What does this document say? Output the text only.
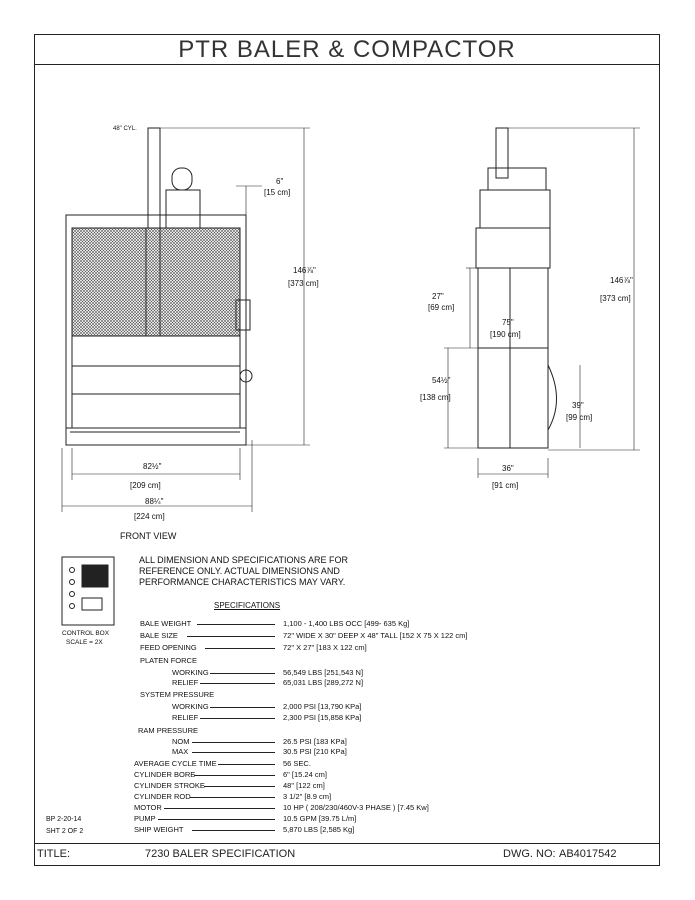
PTR BALER & COMPACTOR
TITLE:	7230 BALER SPECIFICATION	DWG. NO: AB4017542
48" CYL.
6"
[15 cm]
146⅞"
[373 cm]
82½"
[209 cm]
88¼"
[224 cm]
FRONT VIEW
27"
[69 cm]
75"
[190 cm]
54½"
[138 cm]
39"
[99 cm]
146⅞"
[373 cm]
36"
[91 cm]
CONTROL BOX
SCALE = 2X
ALL DIMENSION AND SPECIFICATIONS ARE FOR REFERENCE ONLY. ACTUAL DIMENSIONS AND PERFORMANCE CHARACTERISTICS MAY VARY.
SPECIFICATIONS
BALE WEIGHT	1,100 - 1,400 LBS OCC [499- 635 Kg]
BALE SIZE	72" WIDE X 30" DEEP X 48" TALL [152 X 75 X 122 cm]
FEED OPENING	72" X 27" [183 X 122 cm]
PLATEN FORCE
WORKING	56,549 LBS [251,543 N]
RELIEF	65,031 LBS [289,272 N]
SYSTEM PRESSURE
WORKING	2,000 PSI [13,790 KPa]
RELIEF	2,300 PSI [15,858 KPa]
RAM PRESSURE
NOM	26.5 PSI [183 KPa]
MAX	30.5 PSI [210 KPa]
AVERAGE CYCLE TIME	56 SEC.
CYLINDER BORE	6" [15.24 cm]
CYLINDER STROKE	48" [122 cm]
CYLINDER ROD	3 1/2" [8.9 cm]
MOTOR	10 HP ( 208/230/460V-3 PHASE ) [7.45 Kw]
PUMP	10.5 GPM [39.75 L/m]
SHIP WEIGHT	5,870 LBS [2,585 Kg]
BP 2-20-14
SHT 2 OF 2
